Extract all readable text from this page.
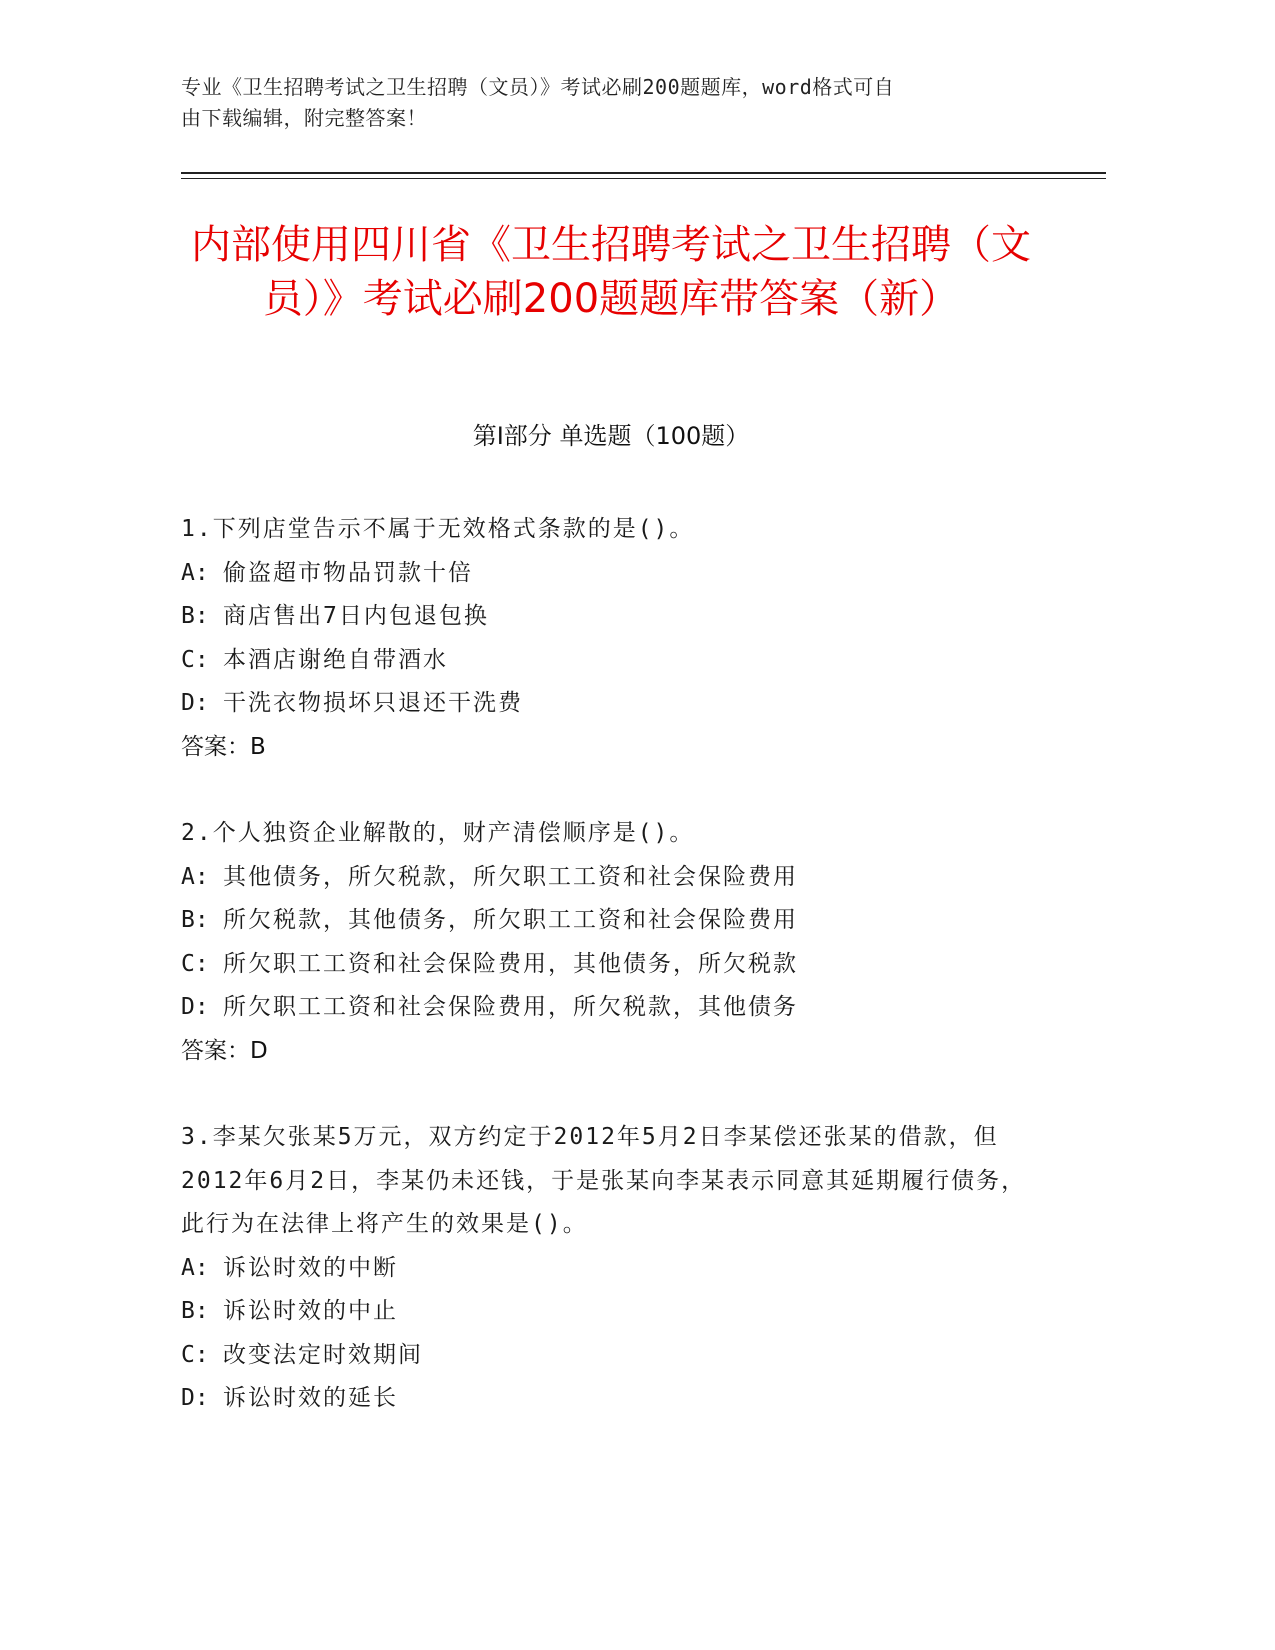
专业《卫生招聘考试之卫生招聘（文员）》考试必刷200题题库，word格式可自
由下载编辑，附完整答案！
内部使用四川省《卫生招聘考试之卫生招聘（文员）》考试必刷200题题库带答案（新）
第I部分 单选题（100题）
1.下列店堂告示不属于无效格式条款的是()。
A: 偷盗超市物品罚款十倍
B: 商店售出7日内包退包换
C: 本酒店谢绝自带酒水
D: 干洗衣物损坏只退还干洗费
答案：B
2.个人独资企业解散的，财产清偿顺序是()。
A: 其他债务，所欠税款，所欠职工工资和社会保险费用
B: 所欠税款，其他债务，所欠职工工资和社会保险费用
C: 所欠职工工资和社会保险费用，其他债务，所欠税款
D: 所欠职工工资和社会保险费用，所欠税款，其他债务
答案：D
3.李某欠张某5万元，双方约定于2012年5月2日李某偿还张某的借款，但2012年6月2日，李某仍未还钱，于是张某向李某表示同意其延期履行债务，此行为在法律上将产生的效果是()。
A: 诉讼时效的中断
B: 诉讼时效的中止
C: 改变法定时效期间
D: 诉讼时效的延长
